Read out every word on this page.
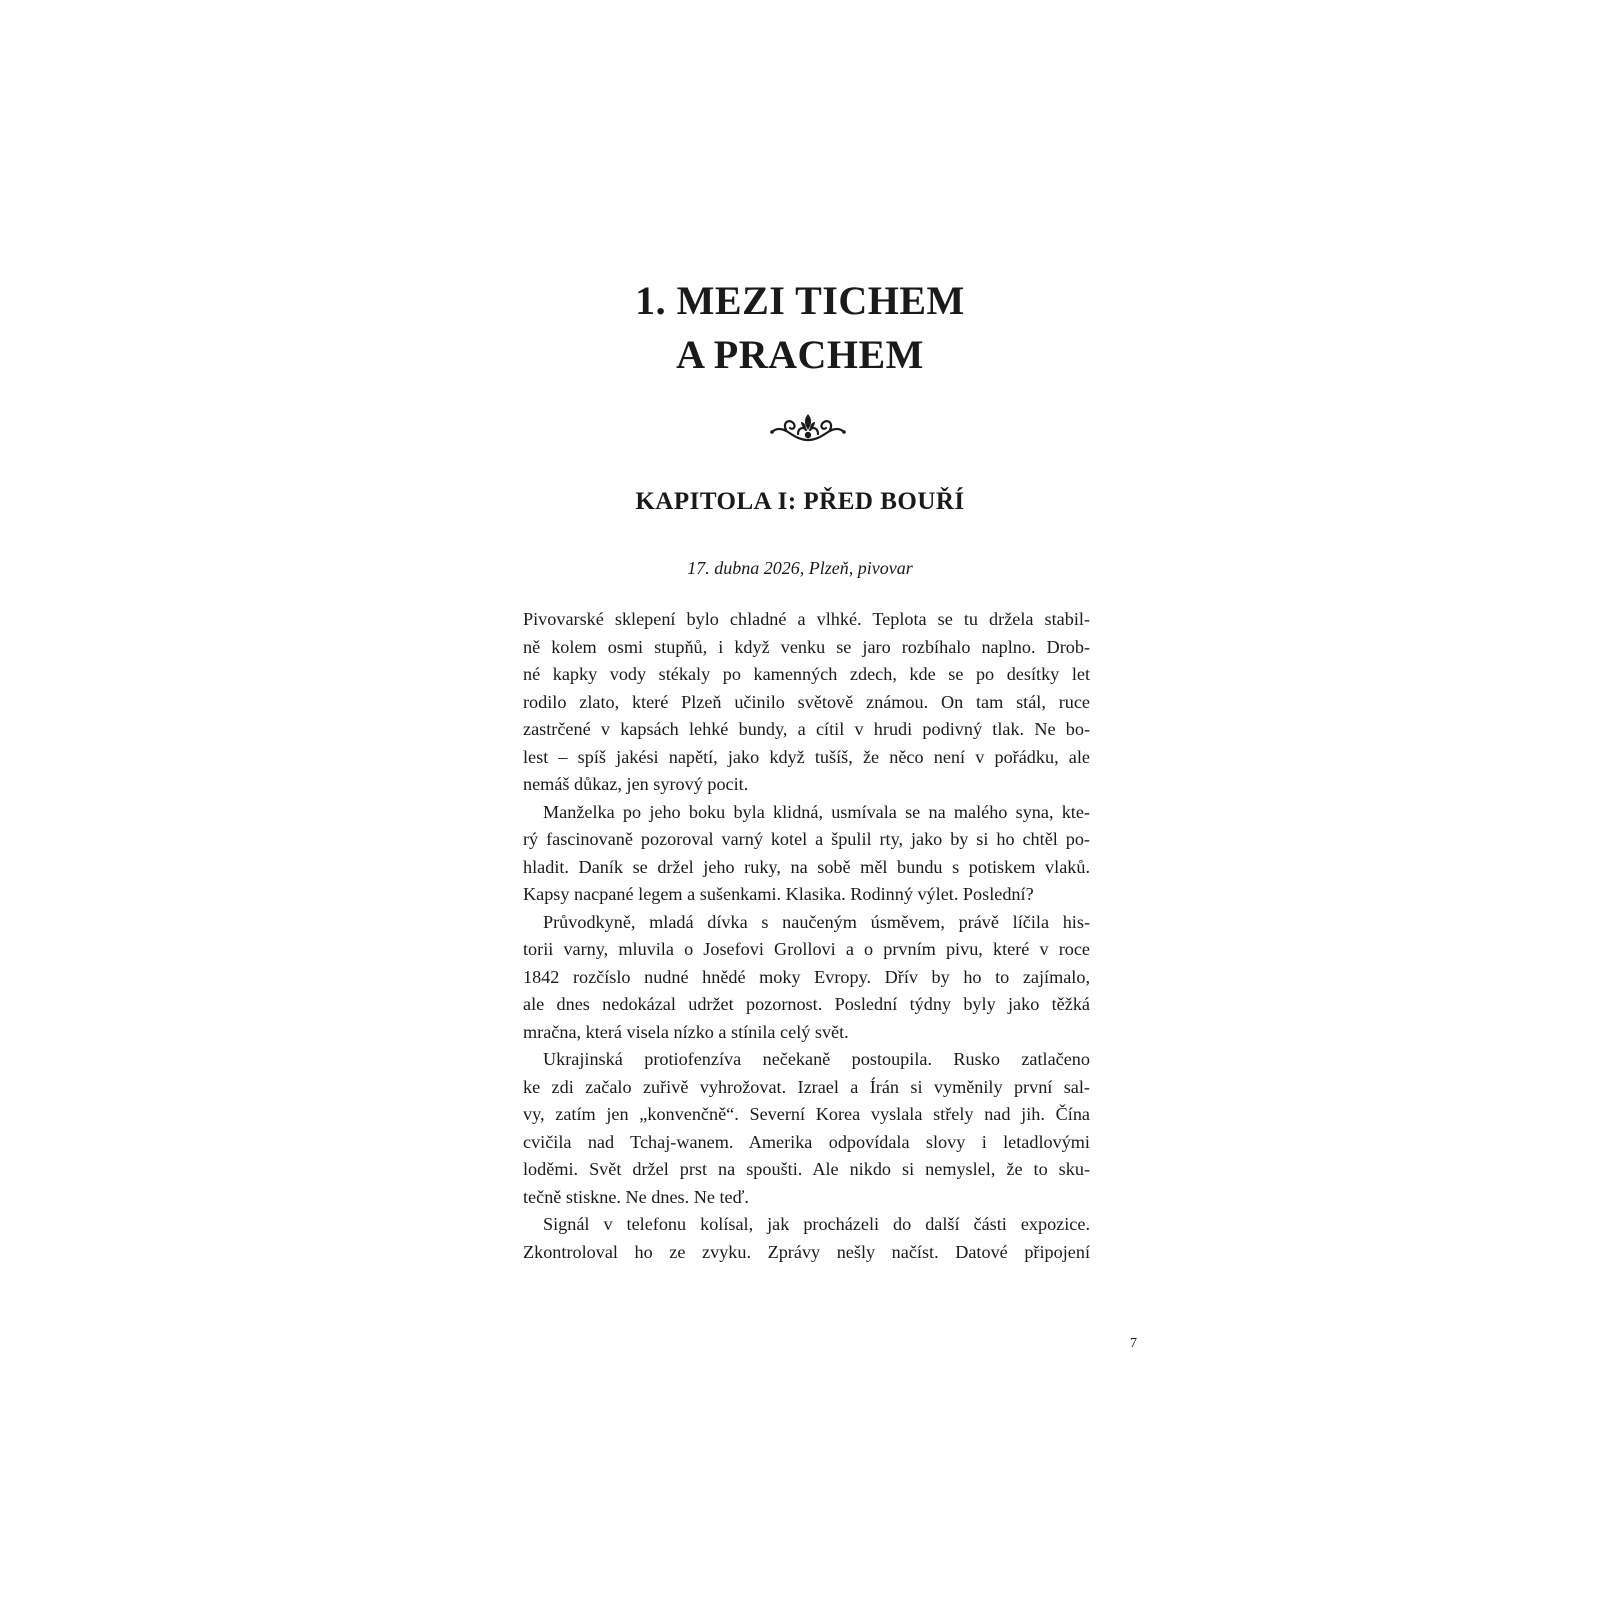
1. MEZI TICHEM
A PRACHEM
KAPITOLA I: PŘED BOUŘÍ
17. dubna 2026, Plzeň, pivovar
Pivovarské sklepení bylo chladné a vlhké. Teplota se tu držela stabil-
ně kolem osmi stupňů, i když venku se jaro rozbíhalo naplno. Drob-
né kapky vody stékaly po kamenných zdech, kde se po desítky let
rodilo zlato, které Plzeň učinilo světově známou. On tam stál, ruce
zastrčené v kapsách lehké bundy, a cítil v hrudi podivný tlak. Ne bo-
lest – spíš jakési napětí, jako když tušíš, že něco není v pořádku, ale
nemáš důkaz, jen syrový pocit.
Manželka po jeho boku byla klidná, usmívala se na malého syna, kte-
rý fascinovaně pozoroval varný kotel a špulil rty, jako by si ho chtěl po-
hladit. Daník se držel jeho ruky, na sobě měl bundu s potiskem vlaků.
Kapsy nacpané legem a sušenkami. Klasika. Rodinný výlet. Poslední?
Průvodkyně, mladá dívka s naučeným úsměvem, právě líčila his-
torii varny, mluvila o Josefovi Grollovi a o prvním pivu, které v roce
1842 rozčíslo nudné hnědé moky Evropy. Dřív by ho to zajímalo,
ale dnes nedokázal udržet pozornost. Poslední týdny byly jako těžká
mračna, která visela nízko a stínila celý svět.
Ukrajinská protiofenzíva nečekaně postoupila. Rusko zatlačeno
ke zdi začalo zuřivě vyhrožovat. Izrael a Írán si vyměnily první sal-
vy, zatím jen „konvenčně“. Severní Korea vyslala střely nad jih. Čína
cvičila nad Tchaj-wanem. Amerika odpovídala slovy i letadlovými
loděmi. Svět držel prst na spoušti. Ale nikdo si nemyslel, že to sku-
tečně stiskne. Ne dnes. Ne teď.
Signál v telefonu kolísal, jak procházeli do další části expozice.
Zkontroloval ho ze zvyku. Zprávy nešly načíst. Datové připojení
7
